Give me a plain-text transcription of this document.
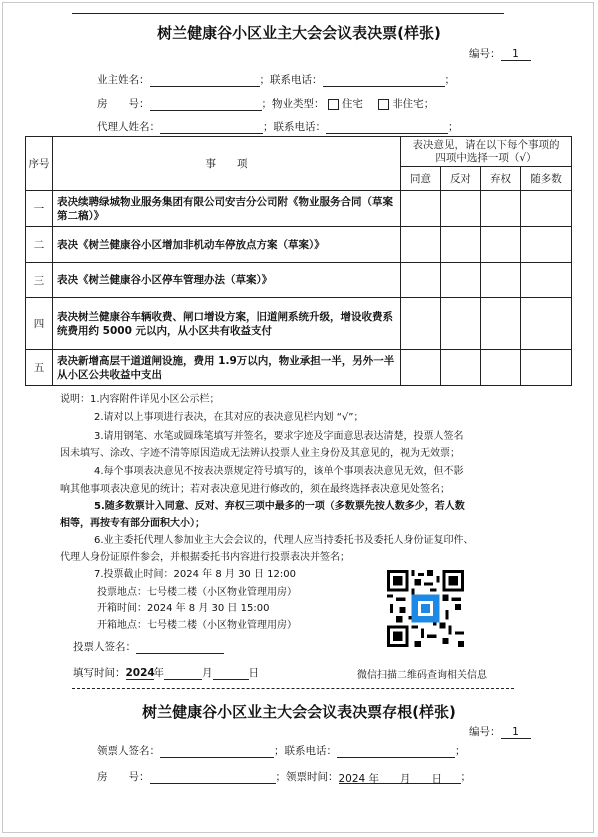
树兰健康谷小区业主大会会议表决票(样张)
编号： 1
业主姓名：	；联系电话：	；
房　　号：	；物业类型： 住宅	非住宅；
代理人姓名：	；联系电话：	；
序号	事　　项	表决意见，请在以下每个事项的四项中选择一项（√）			
		同意	反对	弃权	随多数
一	表决续聘绿城物业服务集团有限公司安吉分公司附《物业服务合同（草案第二稿）》				
二	表决《树兰健康谷小区增加非机动车停放点方案（草案）》				
三	表决《树兰健康谷小区停车管理办法（草案）》				
四	表决树兰健康谷车辆收费、闸口增设方案，旧道闸系统升级，增设收费系统费用约 5000 元以内，从小区共有收益支付				
五	表决新增高层干道道闸设施，费用 1.9万以内，物业承担一半，另外一半从小区公共收益中支出				
说明：1.内容附件详见小区公示栏；
2.请对以上事项进行表决，在其对应的表决意见栏内划 “√”；
3.请用钢笔、水笔或圆珠笔填写并签名，要求字迹及字面意思表达清楚，投票人签名
因未填写、涂改、字迹不清等原因造成无法辨认投票人业主身份及其意见的，视为无效票；
4.每个事项表决意见不按表决票规定符号填写的，该单个事项表决意见无效，但不影
响其他事项表决意见的统计；若对表决意见进行修改的，须在最终选择表决意见处签名；
5.随多数票计入同意、反对、弃权三项中最多的一项（多数票先按人数多少，若人数
相等，再按专有部分面积大小）；
6.业主委托代理人参加业主大会会议的，代理人应当持委托书及委托人身份证复印件、
代理人身份证原件参会，并根据委托书内容进行投票表决并签名；
7.投票截止时间：2024 年 8 月 30 日 12:00
投票地点：七号楼二楼（小区物业管理用房）
开箱时间：2024 年 8 月 30 日 15:00
开箱地点：七号楼二楼（小区物业管理用房）
投票人签名：
填写时间：2024年	月	日	微信扫描二维码查询相关信息
树兰健康谷小区业主大会会议表决票存根(样张)
编号： 1
领票人签名：	；联系电话：	；
房　　号：	；领票时间：2024 年　　月　　日 ；
